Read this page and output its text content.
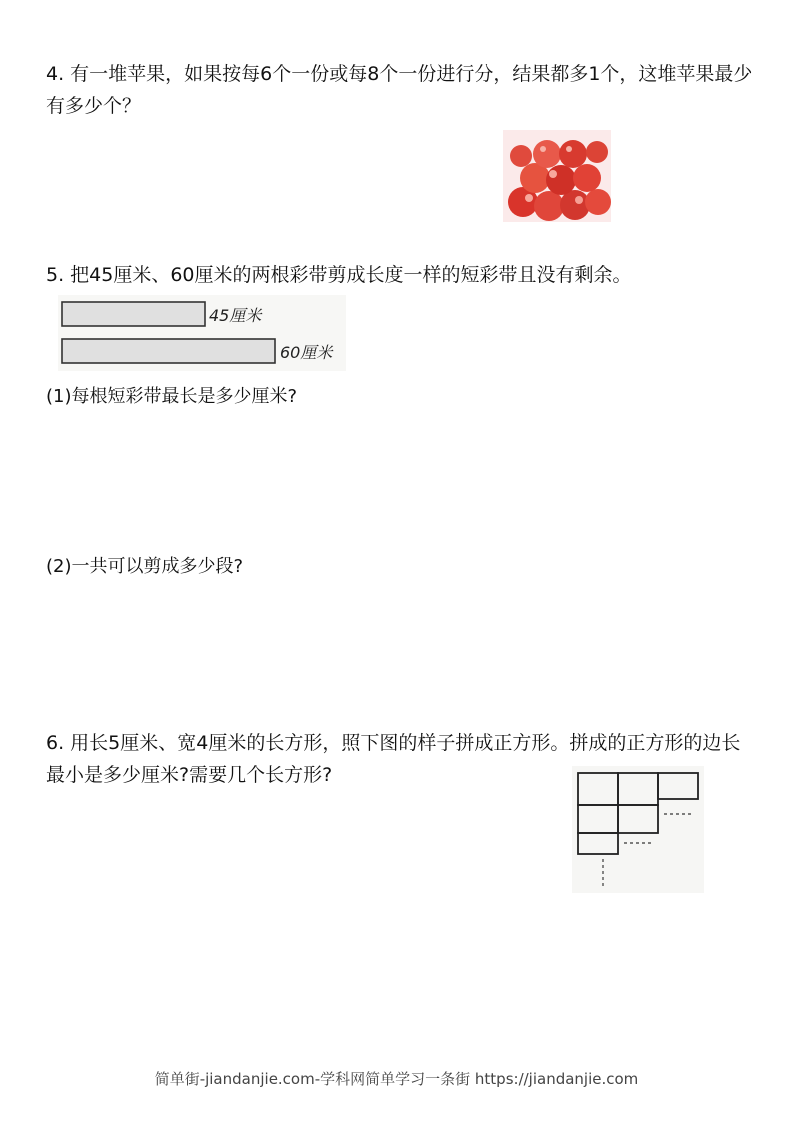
4. 有一堆苹果，如果按每6个一份或每8个一份进行分，结果都多1个，这堆苹果最少有多少个？
5. 把45厘米、60厘米的两根彩带剪成长度一样的短彩带且没有剩余。
45厘米
60厘米
(1)每根短彩带最长是多少厘米?
(2)一共可以剪成多少段?
6. 用长5厘米、宽4厘米的长方形，照下图的样子拼成正方形。拼成的正方形的边长最小是多少厘米?需要几个长方形?
简单街-jiandanjie.com-学科网简单学习一条街 https://jiandanjie.com
